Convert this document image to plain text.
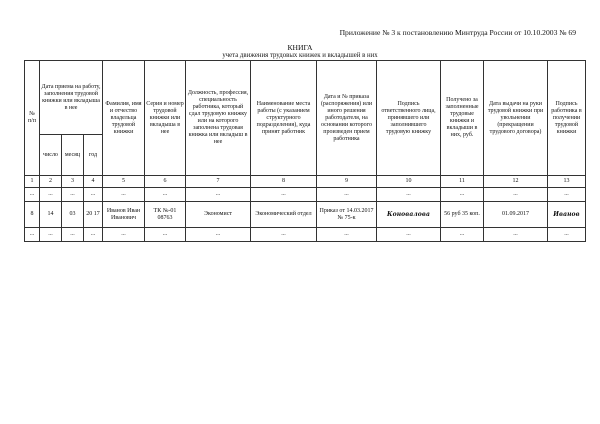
Приложение № 3 к постановлению Минтруда России от 10.10.2003 № 69
КНИГА
учета движения трудовых книжек и вкладышей в них
№ п/п	Дата приема на работу, заполнения трудовой книжки или вкладыша в нее			Фамилия, имя и отчество владельца трудовой книжки	Серия и номер трудовой книжки или вкладыша в нее	Должность, профессия, специальность работника, который сдал трудовую книжку или на которого заполнена трудовая книжка или вкладыш в нее	Наименование места работы (с указанием структурного подразделения), куда принят работник	Дата и № приказа (распоряжения) или иного решения работодателя, на основании которого произведен прием работника	Подпись ответственного лица, принявшего или заполнившего трудовую книжку	Получено за заполненные трудовые книжки и вкладыши в них, руб.	Дата выдачи на руки трудовой книжки при увольнении (прекращении трудового договора)	Подпись работника в получении трудовой книжки
	число	месяц	год									
1	2	3	4	5	6	7	8	9	10	11	12	13
...	...	...	...	...	...	...	...	...	...	...	...	...
8	14	03	20 17	Иванов Иван Иванович	ТК №-01 08763	Экономист	Экономический отдел	Приказ от 14.03.2017 № 75-к	Коновалова	56 руб 35 коп.	01.09.2017	Иванов
...	...	...	...	...	...	...	...	...	...	...	...	...
